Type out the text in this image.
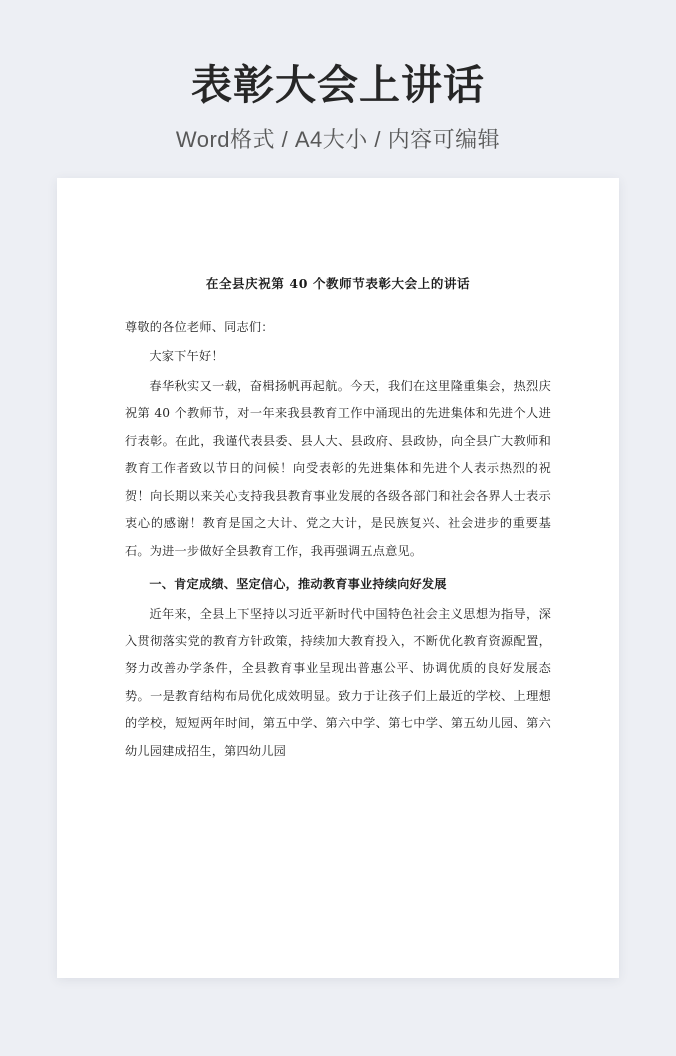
表彰大会上讲话
Word格式 / A4大小 / 内容可编辑
在全县庆祝第 40 个教师节表彰大会上的讲话

尊敬的各位老师、同志们：

大家下午好！

春华秋实又一载，奋楫扬帆再起航。今天，我们在这里隆重集会，热烈庆祝第 40 个教师节，对一年来我县教育工作中涌现出的先进集体和先进个人进行表彰。在此，我谨代表县委、县人大、县政府、县政协，向全县广大教师和教育工作者致以节日的问候！向受表彰的先进集体和先进个人表示热烈的祝贺！向长期以来关心支持我县教育事业发展的各级各部门和社会各界人士表示衷心的感谢！教育是国之大计、党之大计，是民族复兴、社会进步的重要基石。为进一步做好全县教育工作，我再强调五点意见。

一、肯定成绩、坚定信心，推动教育事业持续向好发展

近年来，全县上下坚持以习近平新时代中国特色社会主义思想为指导，深入贯彻落实党的教育方针政策，持续加大教育投入，不断优化教育资源配置，努力改善办学条件，全县教育事业呈现出普惠公平、协调优质的良好发展态势。一是教育结构布局优化成效明显。致力于让孩子们上最近的学校、上理想的学校，短短两年时间，第五中学、第六中学、第七中学、第五幼儿园、第六幼儿园建成招生，第四幼儿园
